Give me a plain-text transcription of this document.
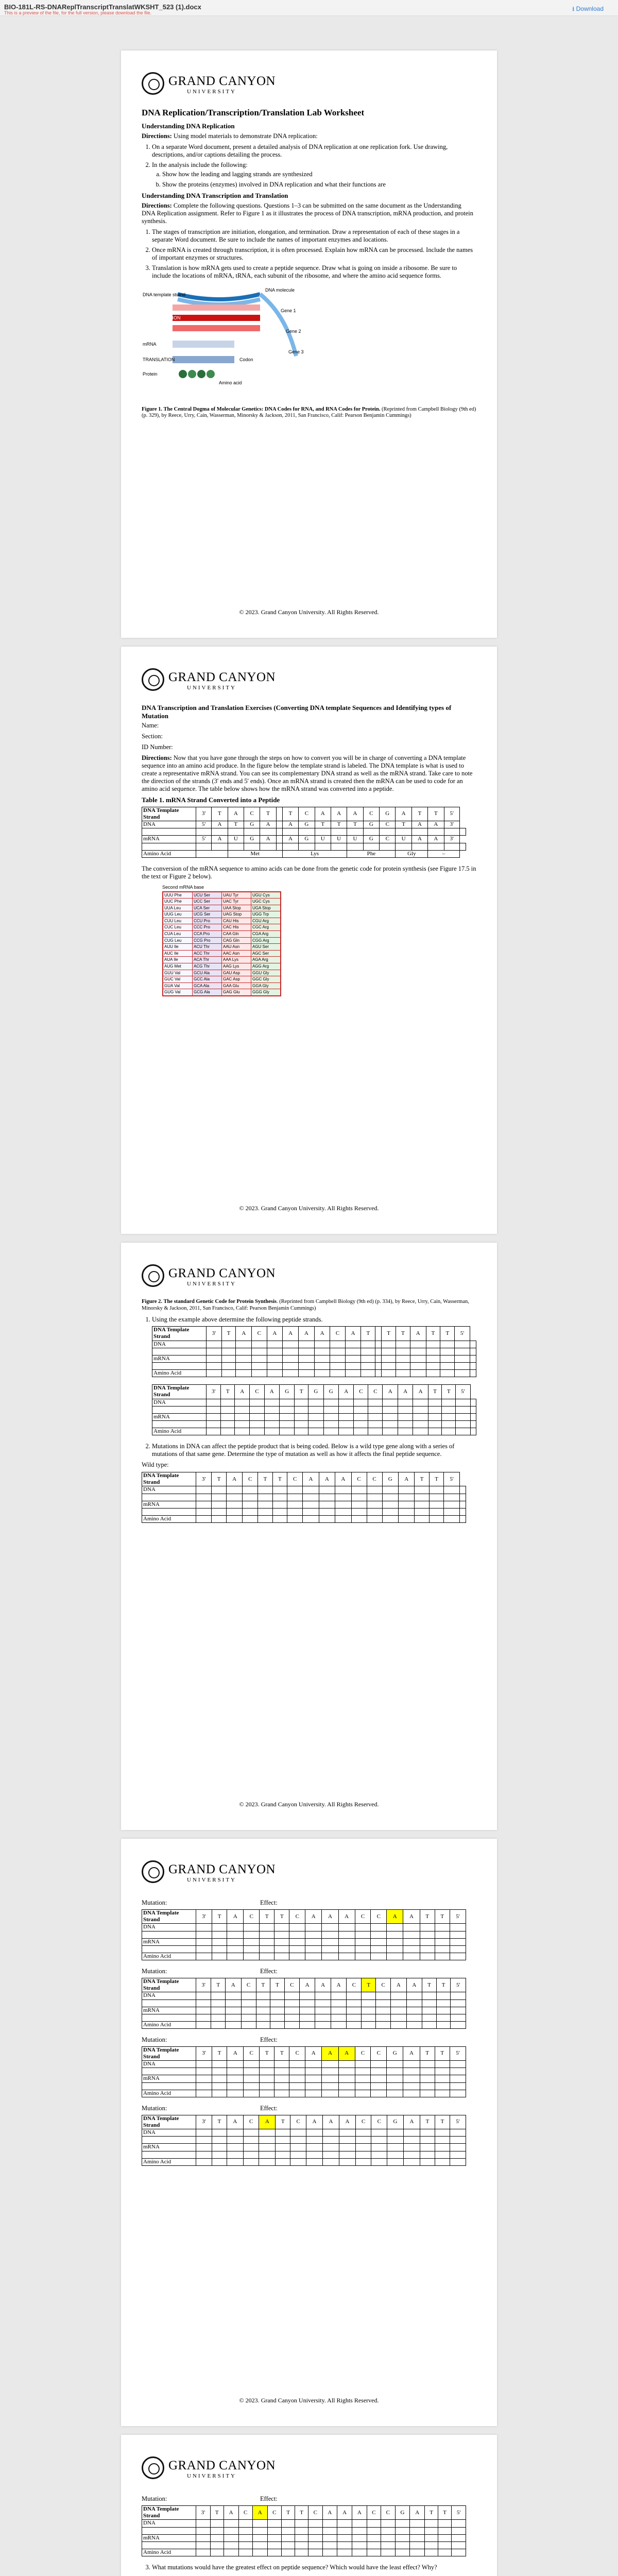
BIO-181L-RS-DNAReplTranscriptTranslatWKSHT_523 (1).docx
This is a preview of the file, for the full version, please download the file.
⭳ Download
GRAND CANYON
UNIVERSITY
DNA Replication/Transcription/Translation Lab Worksheet
Understanding DNA Replication

Directions: Using model materials to demonstrate DNA replication:

1. On a separate Word document, present a detailed analysis of DNA replication at one replication fork. Use drawing, descriptions, and/or captions detailing the process.
2. In the analysis include the following:
a. Show how the leading and lagging strands are synthesized
b. Show the proteins (enzymes) involved in DNA replication and what their functions are
Understanding DNA Transcription and Translation

Directions: Complete the following questions. Questions 1–3 can be submitted on the same document as the Understanding DNA Replication assignment. Refer to Figure 1 as it illustrates the process of DNA transcription, mRNA production, and protein synthesis.

1. The stages of transcription are initiation, elongation, and termination. Draw a representation of each of these stages in a separate Word document. Be sure to include the names of important enzymes and locations.
2. Once mRNA is created through transcription, it is often processed. Explain how mRNA can be processed. Include the names of important enzymes or structures.
3. Translation is how mRNA gets used to create a peptide sequence. Draw what is going on inside a ribosome. Be sure to include the locations of mRNA, tRNA, each subunit of the ribosome, and where the amino acid sequence forms.
DNA template strand
TRANSCRIPTION
mRNA
TRANSLATION	Codon
Protein
Amino acid
DNA molecule
Gene 1
Gene 2
Gene 3

Figure 1. The Central Dogma of Molecular Genetics: DNA Codes for RNA, and RNA Codes for Protein. (Reprinted from Campbell Biology (9th ed) (p. 329), by Reece, Urry, Cain, Wasserman, Minorsky & Jackson, 2011, San Francisco, Calif: Pearson Benjamin Cummings)

© 2023. Grand Canyon University. All Rights Reserved.
GRAND CANYON
UNIVERSITY
DNA Transcription and Translation Exercises (Converting DNA template Sequences and Identifying types of Mutation

Name:

Section:

ID Number:

Directions: Now that you have gone through the steps on how to convert you will be in charge of converting a DNA template sequence into an amino acid produce. In the figure below the template strand is labeled. The DNA template is what is used to create a representative mRNA strand. You can see its complementary DNA strand as well as the mRNA strand. Take care to note the direction of the strands (3' ends and 5' ends). Once an mRNA strand is created then the mRNA can be used to code for an amino acid sequence. The table below shows how the mRNA strand was converted into a peptide.

Table 1. mRNA Strand Converted into a Peptide
DNA Template Strand	3'	T	A	C	T		T	C	A	A	A	C	G	A	T	T	5'	
DNA	5'	A	T	G	A		A	G	T	T	T	G	C	T	A	A	3'	

mRNA	5'	A	U	G	A		A	G	U	U	U	G	C	U	A	A	3'	

Amino Acid			Met				Lys				Phe			Gly		–		

The conversion of the mRNA sequence to amino acids can be done from the genetic code for protein synthesis (see Figure 17.5 in the text or Figure 2 below).

Second mRNA base
UUU Phe	UCU Ser	UAU Tyr	UGU Cys
UUC Phe	UCC Ser	UAC Tyr	UGC Cys
UUA Leu	UCA Ser	UAA Stop	UGA Stop
UUG Leu	UCG Ser	UAG Stop	UGG Trp
CUU Leu	CCU Pro	CAU His	CGU Arg
CUC Leu	CCC Pro	CAC His	CGC Arg
CUA Leu	CCA Pro	CAA Gln	CGA Arg
CUG Leu	CCG Pro	CAG Gln	CGG Arg
AUU Ile	ACU Thr	AAU Asn	AGU Ser
AUC Ile	ACC Thr	AAC Asn	AGC Ser
AUA Ile	ACA Thr	AAA Lys	AGA Arg
AUG Met	ACG Thr	AAG Lys	AGG Arg
GUU Val	GCU Ala	GAU Asp	GGU Gly
GUC Val	GCC Ala	GAC Asp	GGC Gly
GUA Val	GCA Ala	GAA Glu	GGA Gly
GUG Val	GCG Ala	GAG Glu	GGG Gly
© 2023. Grand Canyon University. All Rights Reserved.
GRAND CANYON
UNIVERSITY

Figure 2. The standard Genetic Code for Protein Synthesis. (Reprinted from Campbell Biology (9th ed) (p. 334), by Reece, Urry, Cain, Wasserman, Minorsky & Jackson, 2011, San Francisco, Calif: Pearson Benjamin Cummings)

1. Using the example above determine the following peptide strands.
DNA Template Strand	3'	T	A	C	A	A	A	A	C	A	T		T	T	A	T	T	5'	
DNA																			

mRNA																			

Amino Acid																			
DNA Template Strand	3'	T	A	C	A	G	T	G	G	A	C	C	A	A	A	T	T	5'	
DNA																			

mRNA																			

Amino Acid																			
2. Mutations in DNA can affect the peptide product that is being coded. Below is a wild type gene along with a series of mutations of that same gene. Determine the type of mutation as well as how it affects the final peptide sequence.

Wild type:

DNA Template Strand	3'	T	A	C	T	T	C	A	A	A	C	C	G	A	T	T	5'	
DNA																		

mRNA																		

Amino Acid																		
© 2023. Grand Canyon University. All Rights Reserved.
GRAND CANYON
UNIVERSITY
Mutation:	Effect:
DNA Template Strand	3'	T	A	C	T	T	C	A	A	A	C	C	A	A	T	T	5'
DNA																	

mRNA																	

Amino Acid																	
Mutation:	Effect:
DNA Template Strand	3'	T	A	C	T	T	C	A	A	A	C	T	C	A	A	T	T	5'
DNA																		

mRNA																		

Amino Acid																		
Mutation:	Effect:
DNA Template Strand	3'	T	A	C	T	T	C	A	A	A	C	C	G	A	T	T	5'
DNA																	

mRNA																	

Amino Acid																	
Mutation:	Effect:
DNA Template Strand	3'	T	A	C	A	T	C	A	A	A	C	C	G	A	T	T	5'
DNA																	

mRNA																	

Amino Acid																	
© 2023. Grand Canyon University. All Rights Reserved.
GRAND CANYON
UNIVERSITY
Mutation:	Effect:
DNA Template Strand	3'	T	A	C	A	C	T	T	C	A	A	A	C	C	G	A	T	T	5'
DNA																			

mRNA																			

Amino Acid																			
3. What mutations would have the greatest effect on peptide sequence? Which would have the least effect? Why?
